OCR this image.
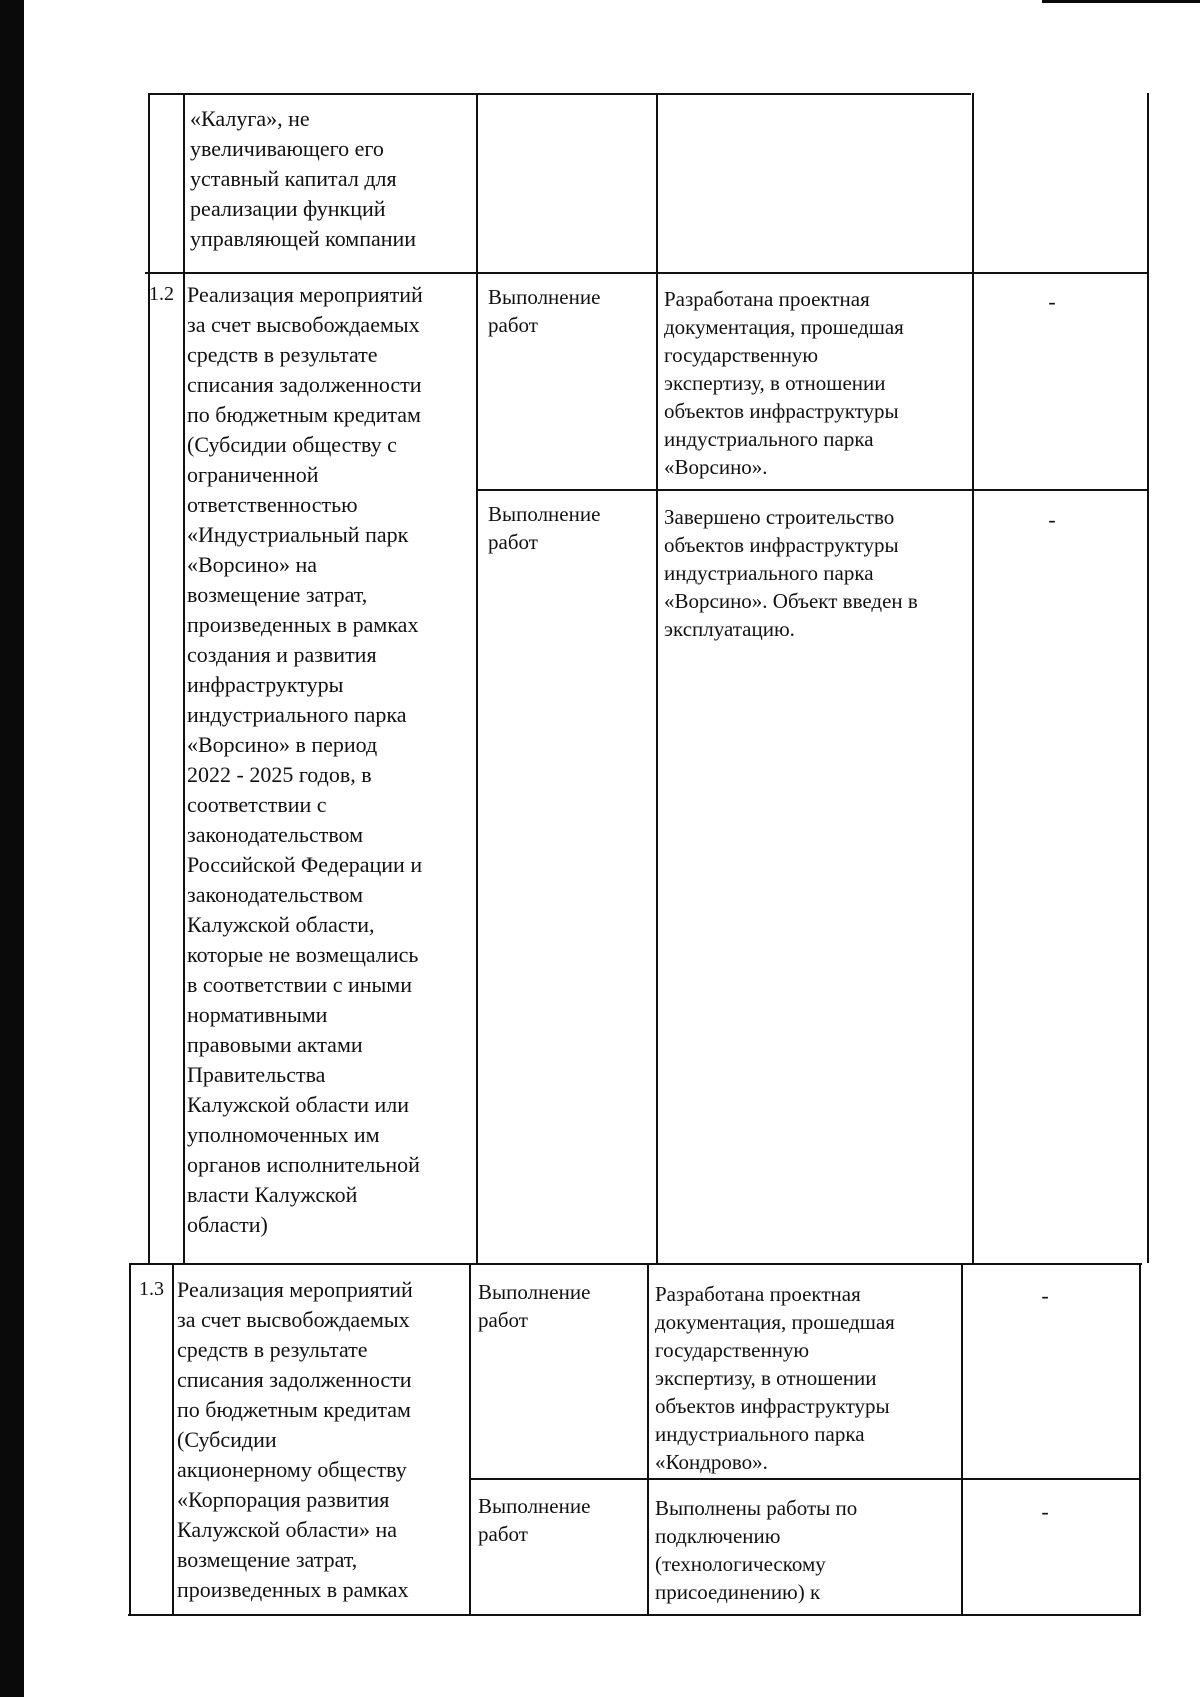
«Калуга», не
увеличивающего его
уставный капитал для
реализации функций
управляющей компании
1.2 Реализация мероприятий
за счет высвобождаемых
средств в результате
списания задолженности
по бюджетным кредитам
(Субсидии обществу с
ограниченной
ответственностью
«Индустриальный парк
«Ворсино» на
возмещение затрат,
произведенных в рамках
создания и развития
инфраструктуры
индустриального парка
«Ворсино» в период
2022 - 2025 годов, в
соответствии с
законодательством
Российской Федерации и
законодательством
Калужской области,
которые не возмещались
в соответствии с иными
нормативными
правовыми актами
Правительства
Калужской области или
уполномоченных им
органов исполнительной
власти Калужской
области)
Выполнение
работ
Разработана проектная
документация, прошедшая
государственную
экспертизу, в отношении
объектов инфраструктуры
индустриального парка
«Ворсино».
-
Выполнение
работ
Завершено строительство
объектов инфраструктуры
индустриального парка
«Ворсино». Объект введен в
эксплуатацию.
-
1.3 Реализация мероприятий
за счет высвобождаемых
средств в результате
списания задолженности
по бюджетным кредитам
(Субсидии
акционерному обществу
«Корпорация развития
Калужской области» на
возмещение затрат,
произведенных в рамках
Выполнение
работ
Разработана проектная
документация, прошедшая
государственную
экспертизу, в отношении
объектов инфраструктуры
индустриального парка
«Кондрово».
-
Выполнение
работ
Выполнены работы по
подключению
(технологическому
присоединению) к
-
